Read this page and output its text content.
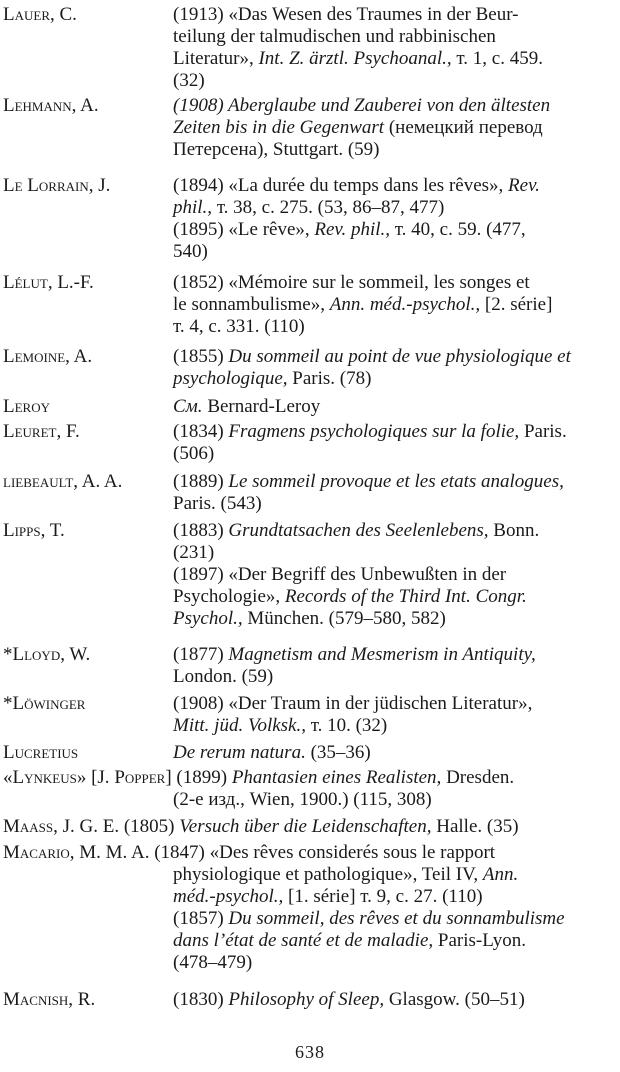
Lauer, C.	(1913) «Das Wesen des Traumes in der Beur-
teilung der talmudischen und rabbinischen
Literatur», Int. Z. ärztl. Psychoanal., т. 1, с. 459.
(32)
Lehmann, A.	(1908) Aberglaube und Zauberei von den ältesten
Zeiten bis in die Gegenwart (немецкий перевод
Петерсена), Stuttgart. (59)
Le Lorrain, J.	(1894) «La durée du temps dans les rêves», Rev.
phil., т. 38, с. 275. (53, 86–87, 477)
(1895) «Le rêve», Rev. phil., т. 40, с. 59. (477,
540)
Lélut, L.-F.	(1852) «Mémoire sur le sommeil, les songes et
le sonnambulisme», Ann. méd.-psychol., [2. série]
т. 4, с. 331. (110)
Lemoine, A.	(1855) Du sommeil au point de vue physiologique et
psychologique, Paris. (78)
Leroy	См. Bernard-Leroy
Leuret, F.	(1834) Fragmens psychologiques sur la folie, Paris.
(506)
liebeault, A. A.	(1889) Le sommeil provoque et les etats analogues,
Paris. (543)
Lipps, T.	(1883) Grundtatsachen des Seelenlebens, Bonn.
(231)
(1897) «Der Begriff des Unbewußten in der
Psychologie», Records of the Third Int. Congr.
Psychol., München. (579–580, 582)
*Lloyd, W.	(1877) Magnetism and Mesmerism in Antiquity,
London. (59)
*Löwinger	(1908) «Der Traum in der jüdischen Literatur»,
Mitt. jüd. Volksk., т. 10. (32)
Lucretius	De rerum natura. (35–36)
«Lynkeus» [J. Popper] (1899) Phantasien eines Realisten, Dresden.
(2-е изд., Wien, 1900.) (115, 308)
Maass, J. G. E. (1805) Versuch über die Leidenschaften, Halle. (35)
Macario, M. M. A. (1847) «Des rêves considerés sous le rapport
physiologique et pathologique», Teil IV, Ann.
méd.-psychol., [1. série] т. 9, с. 27. (110)
(1857) Du sommeil, des rêves et du sonnambulisme
dans l’état de santé et de maladie, Paris-Lyon.
(478–479)
Macnish, R.	(1830) Philosophy of Sleep, Glasgow. (50–51)
638
